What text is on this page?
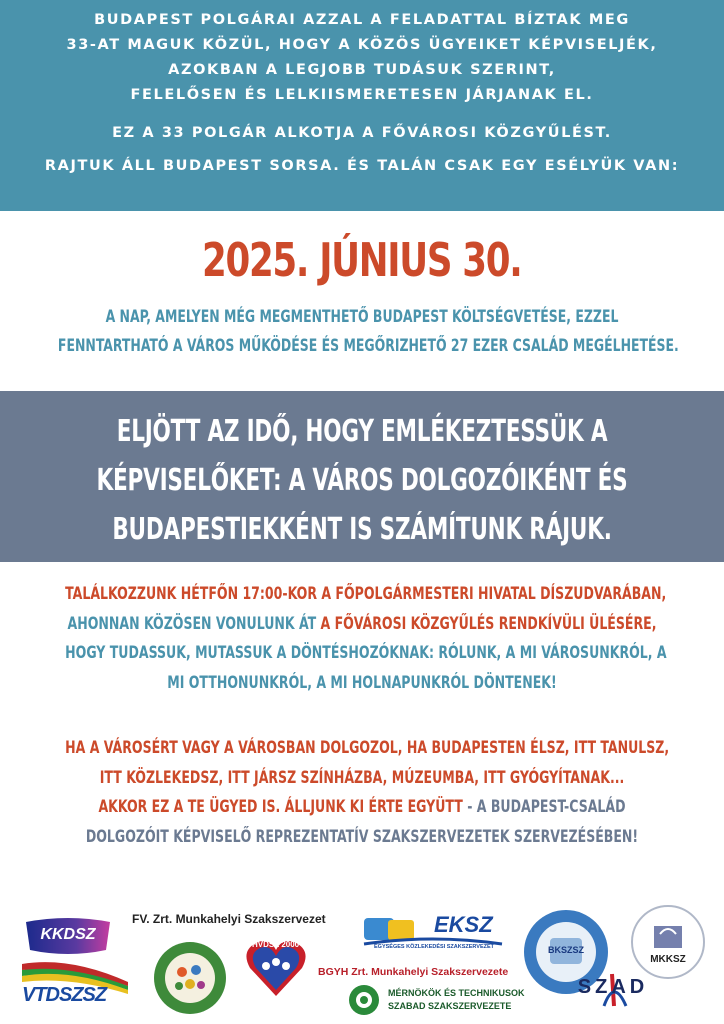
BUDAPEST POLGÁRAI AZZAL A FELADATTAL BÍZTAK MEG
33-AT MAGUK KÖZÜL, HOGY A KÖZÖS ÜGYEIKET KÉPVISELJÉK,
AZOKBAN A LEGJOBB TUDÁSUK SZERINT,
FELELŐSEN ÉS LELKIISMERETESEN JÁRJANAK EL.
EZ A 33 POLGÁR ALKOTJA A FŐVÁROSI KÖZGYŰLÉST.
RAJTUK ÁLL BUDAPEST SORSA. ÉS TALÁN CSAK EGY ESÉLYÜK VAN:
2025. JÚNIUS 30.
A NAP, AMELYEN MÉG MEGMENTHETŐ BUDAPEST KÖLTSÉGVETÉSE, EZZEL
FENNTARTHATÓ A VÁROS MŰKÖDÉSE ÉS MEGŐRIZHETŐ 27 EZER CSALÁD MEGÉLHETÉSE.
ELJÖTT AZ IDŐ, HOGY EMLÉKEZTESSÜK A
KÉPVISELŐKET: A VÁROS DOLGOZÓIKÉNT ÉS
BUDAPESTIEKKÉNT IS SZÁMÍTUNK RÁJUK.
TALÁLKOZZUNK HÉTFŐN 17:00-KOR A FŐPOLGÁRMESTERI HIVATAL DÍSZUDVARÁBAN,
AHONNAN KÖZÖSEN VONULUNK ÁT A FŐVÁROSI KÖZGYŰLÉS RENDKÍVÜLI ÜLÉSÉRE,
HOGY TUDASSUK, MUTASSUK A DÖNTÉSHOZÓKNAK: RÓLUNK, A MI VÁROSUNKRÓL, A
MI OTTHONUNKRÓL, A MI HOLNAPUNKRÓL DÖNTENEK!
HA A VÁROSÉRT VAGY A VÁROSBAN DOLGOZOL, HA BUDAPESTEN ÉLSZ, ITT TANULSZ,
ITT KÖZLEKEDSZ, ITT JÁRSZ SZÍNHÁZBA, MÚZEUMBA, ITT GYÓGYÍTANAK...
AKKOR EZ A TE ÜGYED IS. ÁLLJUNK KI ÉRTE EGYÜTT - A BUDAPEST-CSALÁD
DOLGOZÓIT KÉPVISELŐ REPREZENTATÍV SZAKSZERVEZETEK SZERVEZÉSÉBEN!
KKDSZ
VTDSZSZ
FV. Zrt. Munkahelyi Szakszervezet
HVDSZ 2000
BGYH Zrt. Munkahelyi Szakszervezete
EKSZ
EGYSÉGES KÖZLEKEDÉSI SZAKSZERVEZET
MÉRNÖKÖK ÉS TECHNIKUSOK
SZABAD SZAKSZERVEZETE
BKSZSZ
MKKSZ
SZAD
